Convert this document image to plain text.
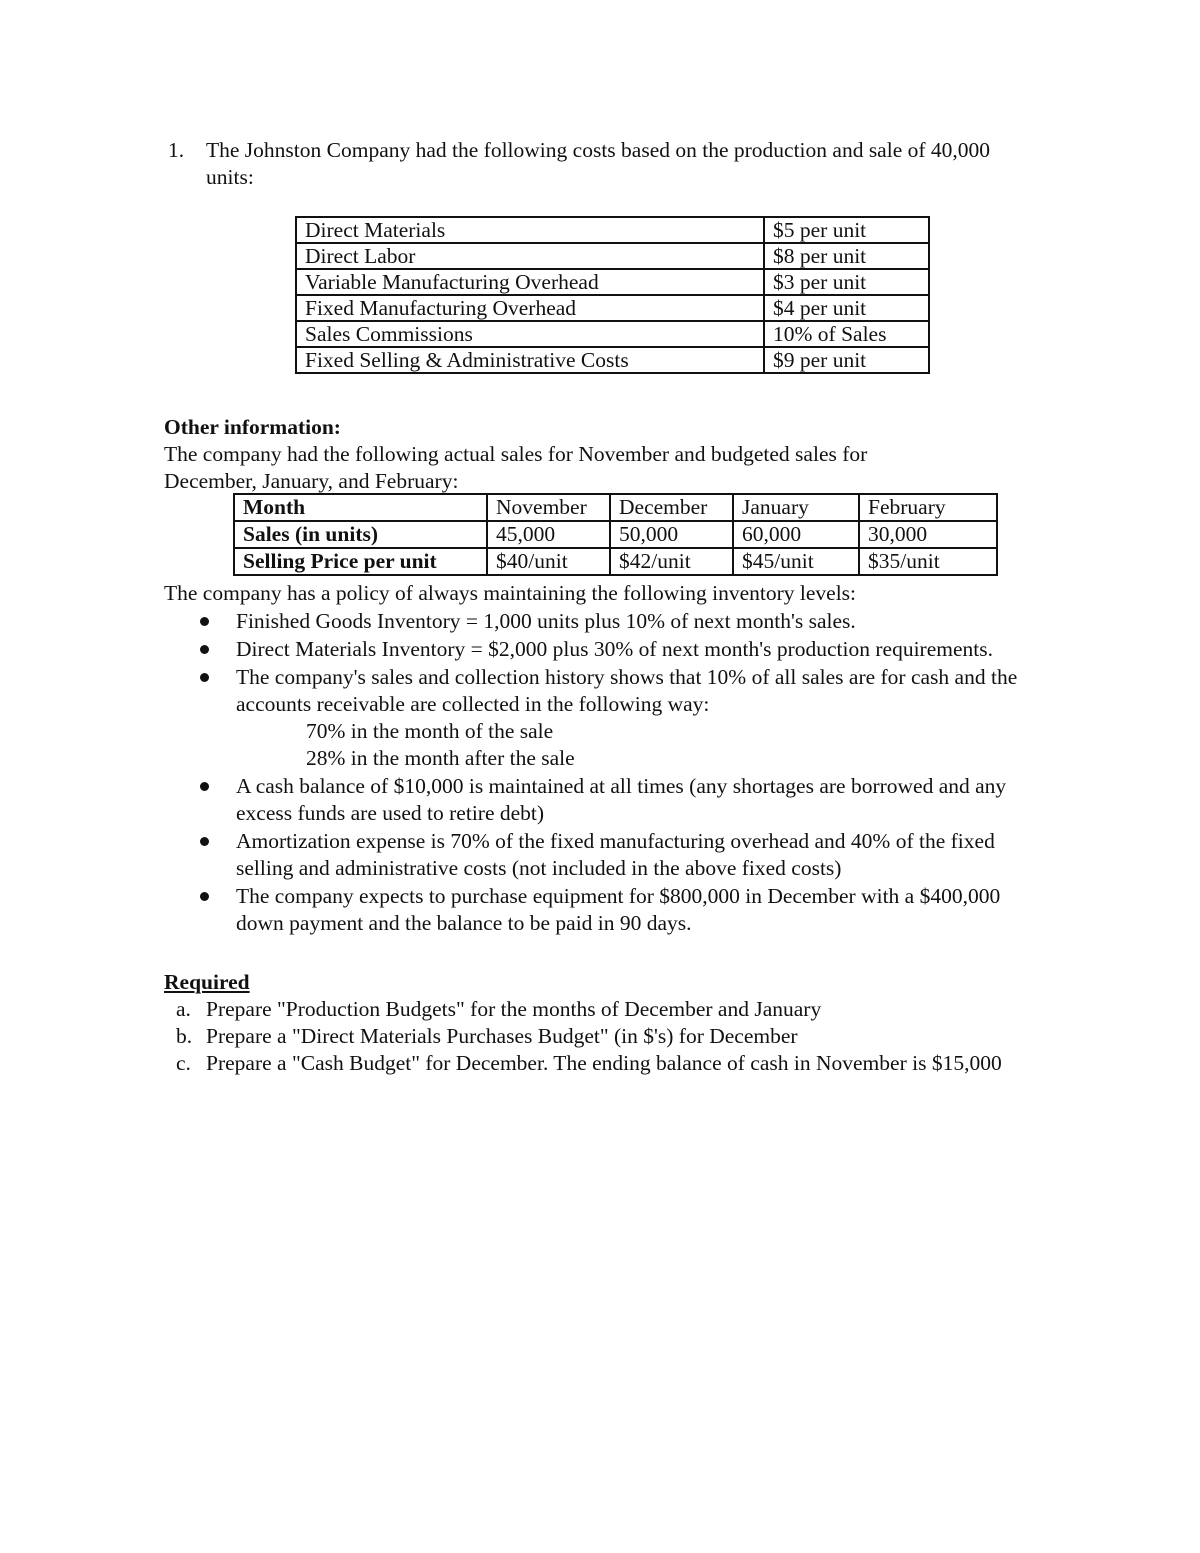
1. The Johnston Company had the following costs based on the production and sale of 40,000 units:

Direct Materials	$5 per unit
Direct Labor	$8 per unit
Variable Manufacturing Overhead	$3 per unit
Fixed Manufacturing Overhead	$4 per unit
Sales Commissions	10% of Sales
Fixed Selling & Administrative Costs	$9 per unit
Other information:

The company had the following actual sales for November and budgeted sales for December, January, and February:

Month	November	December	January	February
Sales (in units)	45,000	50,000	60,000	30,000
Selling Price per unit	$40/unit	$42/unit	$45/unit	$35/unit
The company has a policy of always maintaining the following inventory levels:
Finished Goods Inventory = 1,000 units plus 10% of next month's sales.
Direct Materials Inventory = $2,000 plus 30% of next month's production requirements.
The company's sales and collection history shows that 10% of all sales are for cash and the accounts receivable are collected in the following way:
70% in the month of the sale
28% in the month after the sale
A cash balance of $10,000 is maintained at all times (any shortages are borrowed and any excess funds are used to retire debt)
Amortization expense is 70% of the fixed manufacturing overhead and 40% of the fixed selling and administrative costs (not included in the above fixed costs)
The company expects to purchase equipment for $800,000 in December with a $400,000 down payment and the balance to be paid in 90 days.
Required
a. Prepare "Production Budgets" for the months of December and January
b. Prepare a "Direct Materials Purchases Budget" (in $'s) for December
c. Prepare a "Cash Budget" for December. The ending balance of cash in November is $15,000
